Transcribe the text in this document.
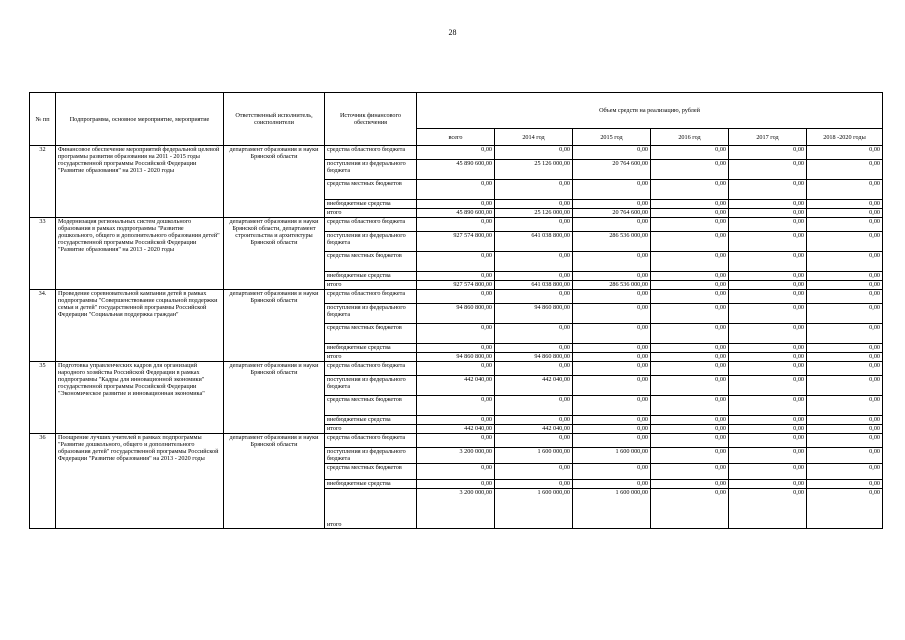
28
№ пп	Подпрограмма, основное мероприятие, мероприятие	Ответственный исполнитель, соисполнители	Источник финансового обеспечения	Объем средств на реализацию, рублей					
				всего	2014 год	2015 год	2016 год	2017 год	2018 -2020 годы
32	Финансовое обеспечение мероприятий федеральной целевой программы развития образования на 2011 - 2015 годы государственной программы Российской Федерации "Развитие образования" на 2013 - 2020 годы	департамент образования и науки Брянской области	средства областного бюджета	0,00	0,00	0,00	0,00	0,00	0,00
			поступления из федерального бюджета	45 890 600,00	25 126 000,00	20 764 600,00	0,00	0,00	0,00
			средства местных бюджетов	0,00	0,00	0,00	0,00	0,00	0,00
			внебюджетные средства	0,00	0,00	0,00	0,00	0,00	0,00
			итого	45 890 600,00	25 126 000,00	20 764 600,00	0,00	0,00	0,00
33	Модернизация региональных систем дошкольного образования в рамках подпрограммы "Развитие дошкольного, общего и дополнительного образования детей" государственной программы Российской Федерации "Развитие образования" на 2013 - 2020 годы	департамент образования и науки Брянской области, департамент строительства и архитектуры Брянской области	средства областного бюджета	0,00	0,00	0,00	0,00	0,00	0,00
			поступления из федерального бюджета	927 574 800,00	641 038 800,00	286 536 000,00	0,00	0,00	0,00
			средства местных бюджетов	0,00	0,00	0,00	0,00	0,00	0,00
			внебюджетные средства	0,00	0,00	0,00	0,00	0,00	0,00
			итого	927 574 800,00	641 038 800,00	286 536 000,00	0,00	0,00	0,00
34.	Проведение соревновательной кампании детей в рамках подпрограммы "Совершенствование социальной поддержки семьи и детей" государственной программы Российской Федерации "Социальная поддержка граждан"	департамент образования и науки Брянской области	средства областного бюджета	0,00	0,00	0,00	0,00	0,00	0,00
			поступления из федерального бюджета	94 860 800,00	94 860 800,00	0,00	0,00	0,00	0,00
			средства местных бюджетов	0,00	0,00	0,00	0,00	0,00	0,00
			внебюджетные средства	0,00	0,00	0,00	0,00	0,00	0,00
			итого	94 860 800,00	94 860 800,00	0,00	0,00	0,00	0,00
35	Подготовка управленческих кадров для организаций народного хозяйства Российской Федерации в рамках подпрограммы "Кадры для инновационной экономики" государственной программы Российской Федерации "Экономическое развитие и инновационная экономика"	департамент образования и науки Брянской области	средства областного бюджета	0,00	0,00	0,00	0,00	0,00	0,00
			поступления из федерального бюджета	442 040,00	442 040,00	0,00	0,00	0,00	0,00
			средства местных бюджетов	0,00	0,00	0,00	0,00	0,00	0,00
			внебюджетные средства	0,00	0,00	0,00	0,00	0,00	0,00
			итого	442 040,00	442 040,00	0,00	0,00	0,00	0,00
36	Поощрение лучших учителей в рамках подпрограммы "Развитие дошкольного, общего и дополнительного образования детей" государственной программы Российской Федерации "Развитие образования" на 2013 - 2020 годы	департамент образования и науки Брянской области	средства областного бюджета	0,00	0,00	0,00	0,00	0,00	0,00
			поступления из федерального бюджета	3 200 000,00	1 600 000,00	1 600 000,00	0,00	0,00	0,00
			средства местных бюджетов	0,00	0,00	0,00	0,00	0,00	0,00
			внебюджетные средства	0,00	0,00	0,00	0,00	0,00	0,00
			итого	3 200 000,00	1 600 000,00	1 600 000,00	0,00	0,00	0,00
